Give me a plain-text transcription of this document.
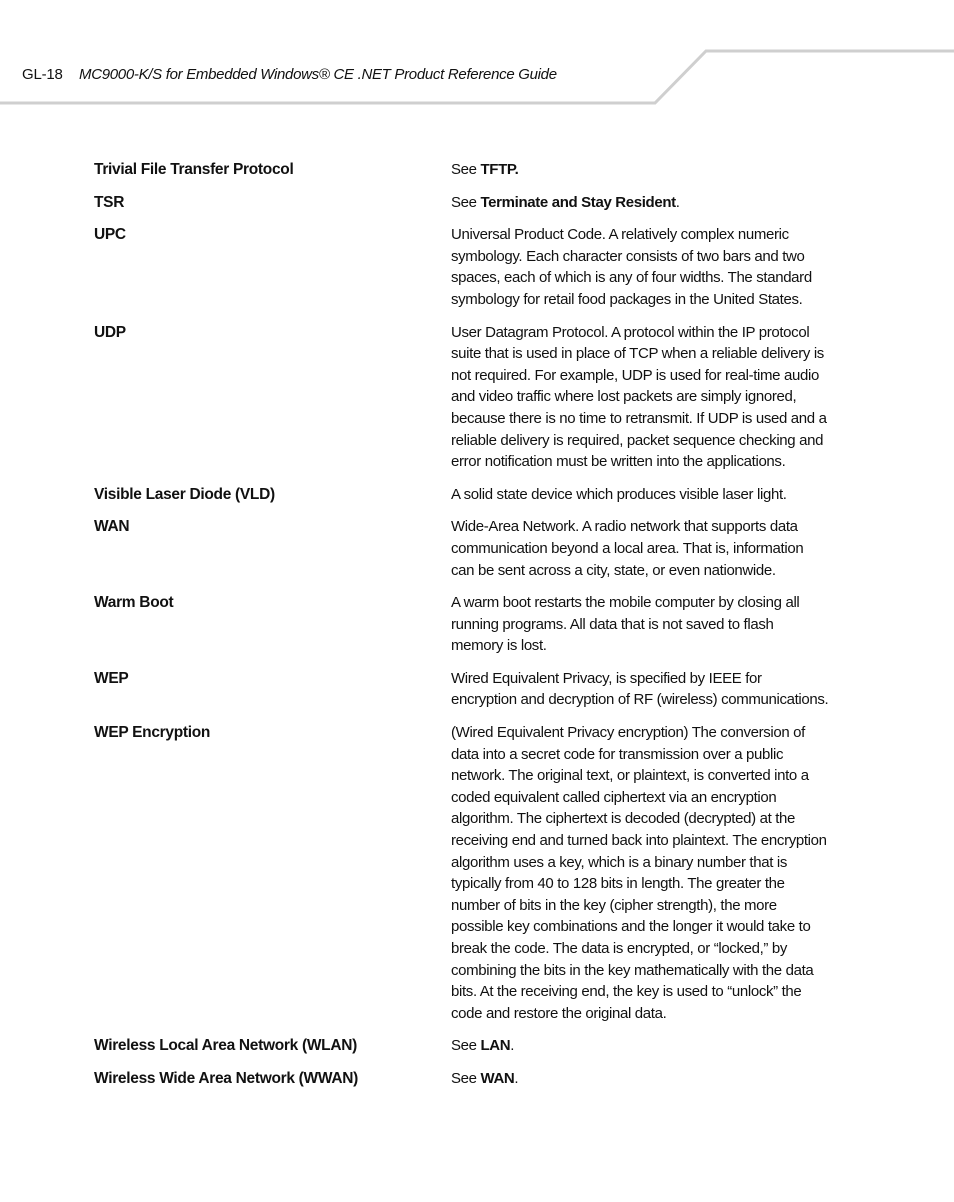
GL-18 MC9000-K/S for Embedded Windows® CE .NET Product Reference Guide
Trivial File Transfer Protocol	See TFTP.
TSR	See Terminate and Stay Resident.
UPC	Universal Product Code. A relatively complex numeric symbology. Each character consists of two bars and two spaces, each of which is any of four widths. The standard symbology for retail food packages in the United States.
UDP	User Datagram Protocol. A protocol within the IP protocol suite that is used in place of TCP when a reliable delivery is not required. For example, UDP is used for real-time audio and video traffic where lost packets are simply ignored, because there is no time to retransmit. If UDP is used and a reliable delivery is required, packet sequence checking and error notification must be written into the applications.
Visible Laser Diode (VLD)	A solid state device which produces visible laser light.
WAN	Wide-Area Network. A radio network that supports data communication beyond a local area. That is, information can be sent across a city, state, or even nationwide.
Warm Boot	A warm boot restarts the mobile computer by closing all running programs. All data that is not saved to flash memory is lost.
WEP	Wired Equivalent Privacy, is specified by IEEE for encryption and decryption of RF (wireless) communications.
WEP Encryption	(Wired Equivalent Privacy encryption) The conversion of data into a secret code for transmission over a public network. The original text, or plaintext, is converted into a coded equivalent called ciphertext via an encryption algorithm. The ciphertext is decoded (decrypted) at the receiving end and turned back into plaintext. The encryption algorithm uses a key, which is a binary number that is typically from 40 to 128 bits in length. The greater the number of bits in the key (cipher strength), the more possible key combinations and the longer it would take to break the code. The data is encrypted, or “locked,” by combining the bits in the key mathematically with the data bits. At the receiving end, the key is used to “unlock” the code and restore the original data.
Wireless Local Area Network (WLAN)	See LAN.
Wireless Wide Area Network (WWAN)	See WAN.
